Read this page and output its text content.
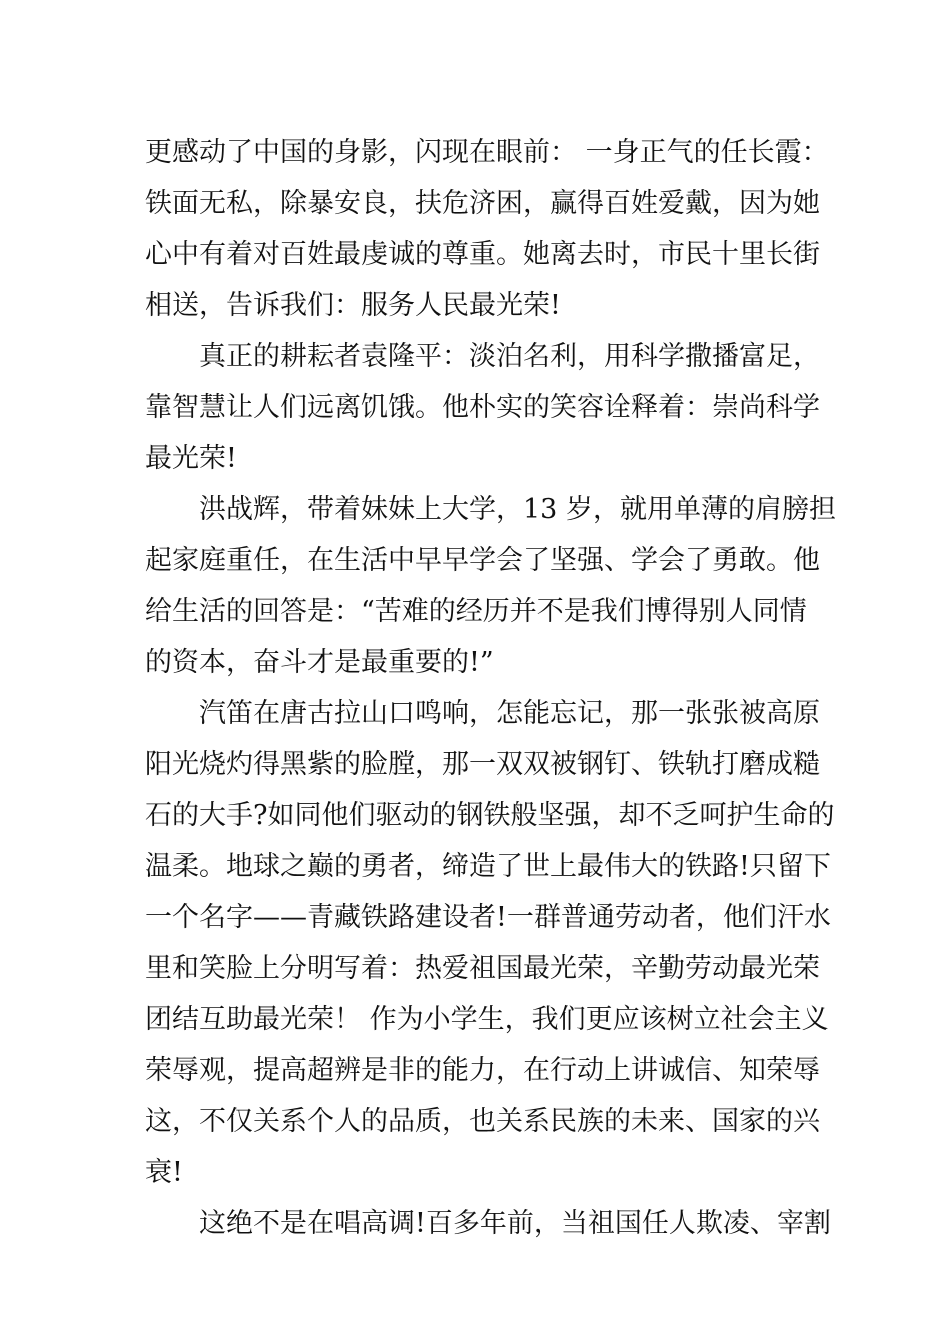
更感动了中国的身影，闪现在眼前： 一身正气的任长霞：
铁面无私，除暴安良，扶危济困，赢得百姓爱戴，因为她
心中有着对百姓最虔诚的尊重。她离去时，市民十里长街
相送，告诉我们：服务人民最光荣!
真正的耕耘者袁隆平：淡泊名利，用科学撒播富足，
靠智慧让人们远离饥饿。他朴实的笑容诠释着：崇尚科学
最光荣!
洪战辉，带着妹妹上大学，13 岁，就用单薄的肩膀担
起家庭重任，在生活中早早学会了坚强、学会了勇敢。他
给生活的回答是：“苦难的经历并不是我们博得别人同情
的资本，奋斗才是最重要的!”
汽笛在唐古拉山口鸣响，怎能忘记，那一张张被高原
阳光烧灼得黑紫的脸膛，那一双双被钢钉、铁轨打磨成糙
石的大手?如同他们驱动的钢铁般坚强，却不乏呵护生命的
温柔。地球之巅的勇者，缔造了世上最伟大的铁路!只留下
一个名字——青藏铁路建设者!一群普通劳动者，他们汗水
里和笑脸上分明写着：热爱祖国最光荣，辛勤劳动最光荣
团结互助最光荣！ 作为小学生，我们更应该树立社会主义
荣辱观，提高超辨是非的能力，在行动上讲诚信、知荣辱
这，不仅关系个人的品质，也关系民族的未来、国家的兴
衰!
这绝不是在唱高调!百多年前，当祖国任人欺凌、宰割
